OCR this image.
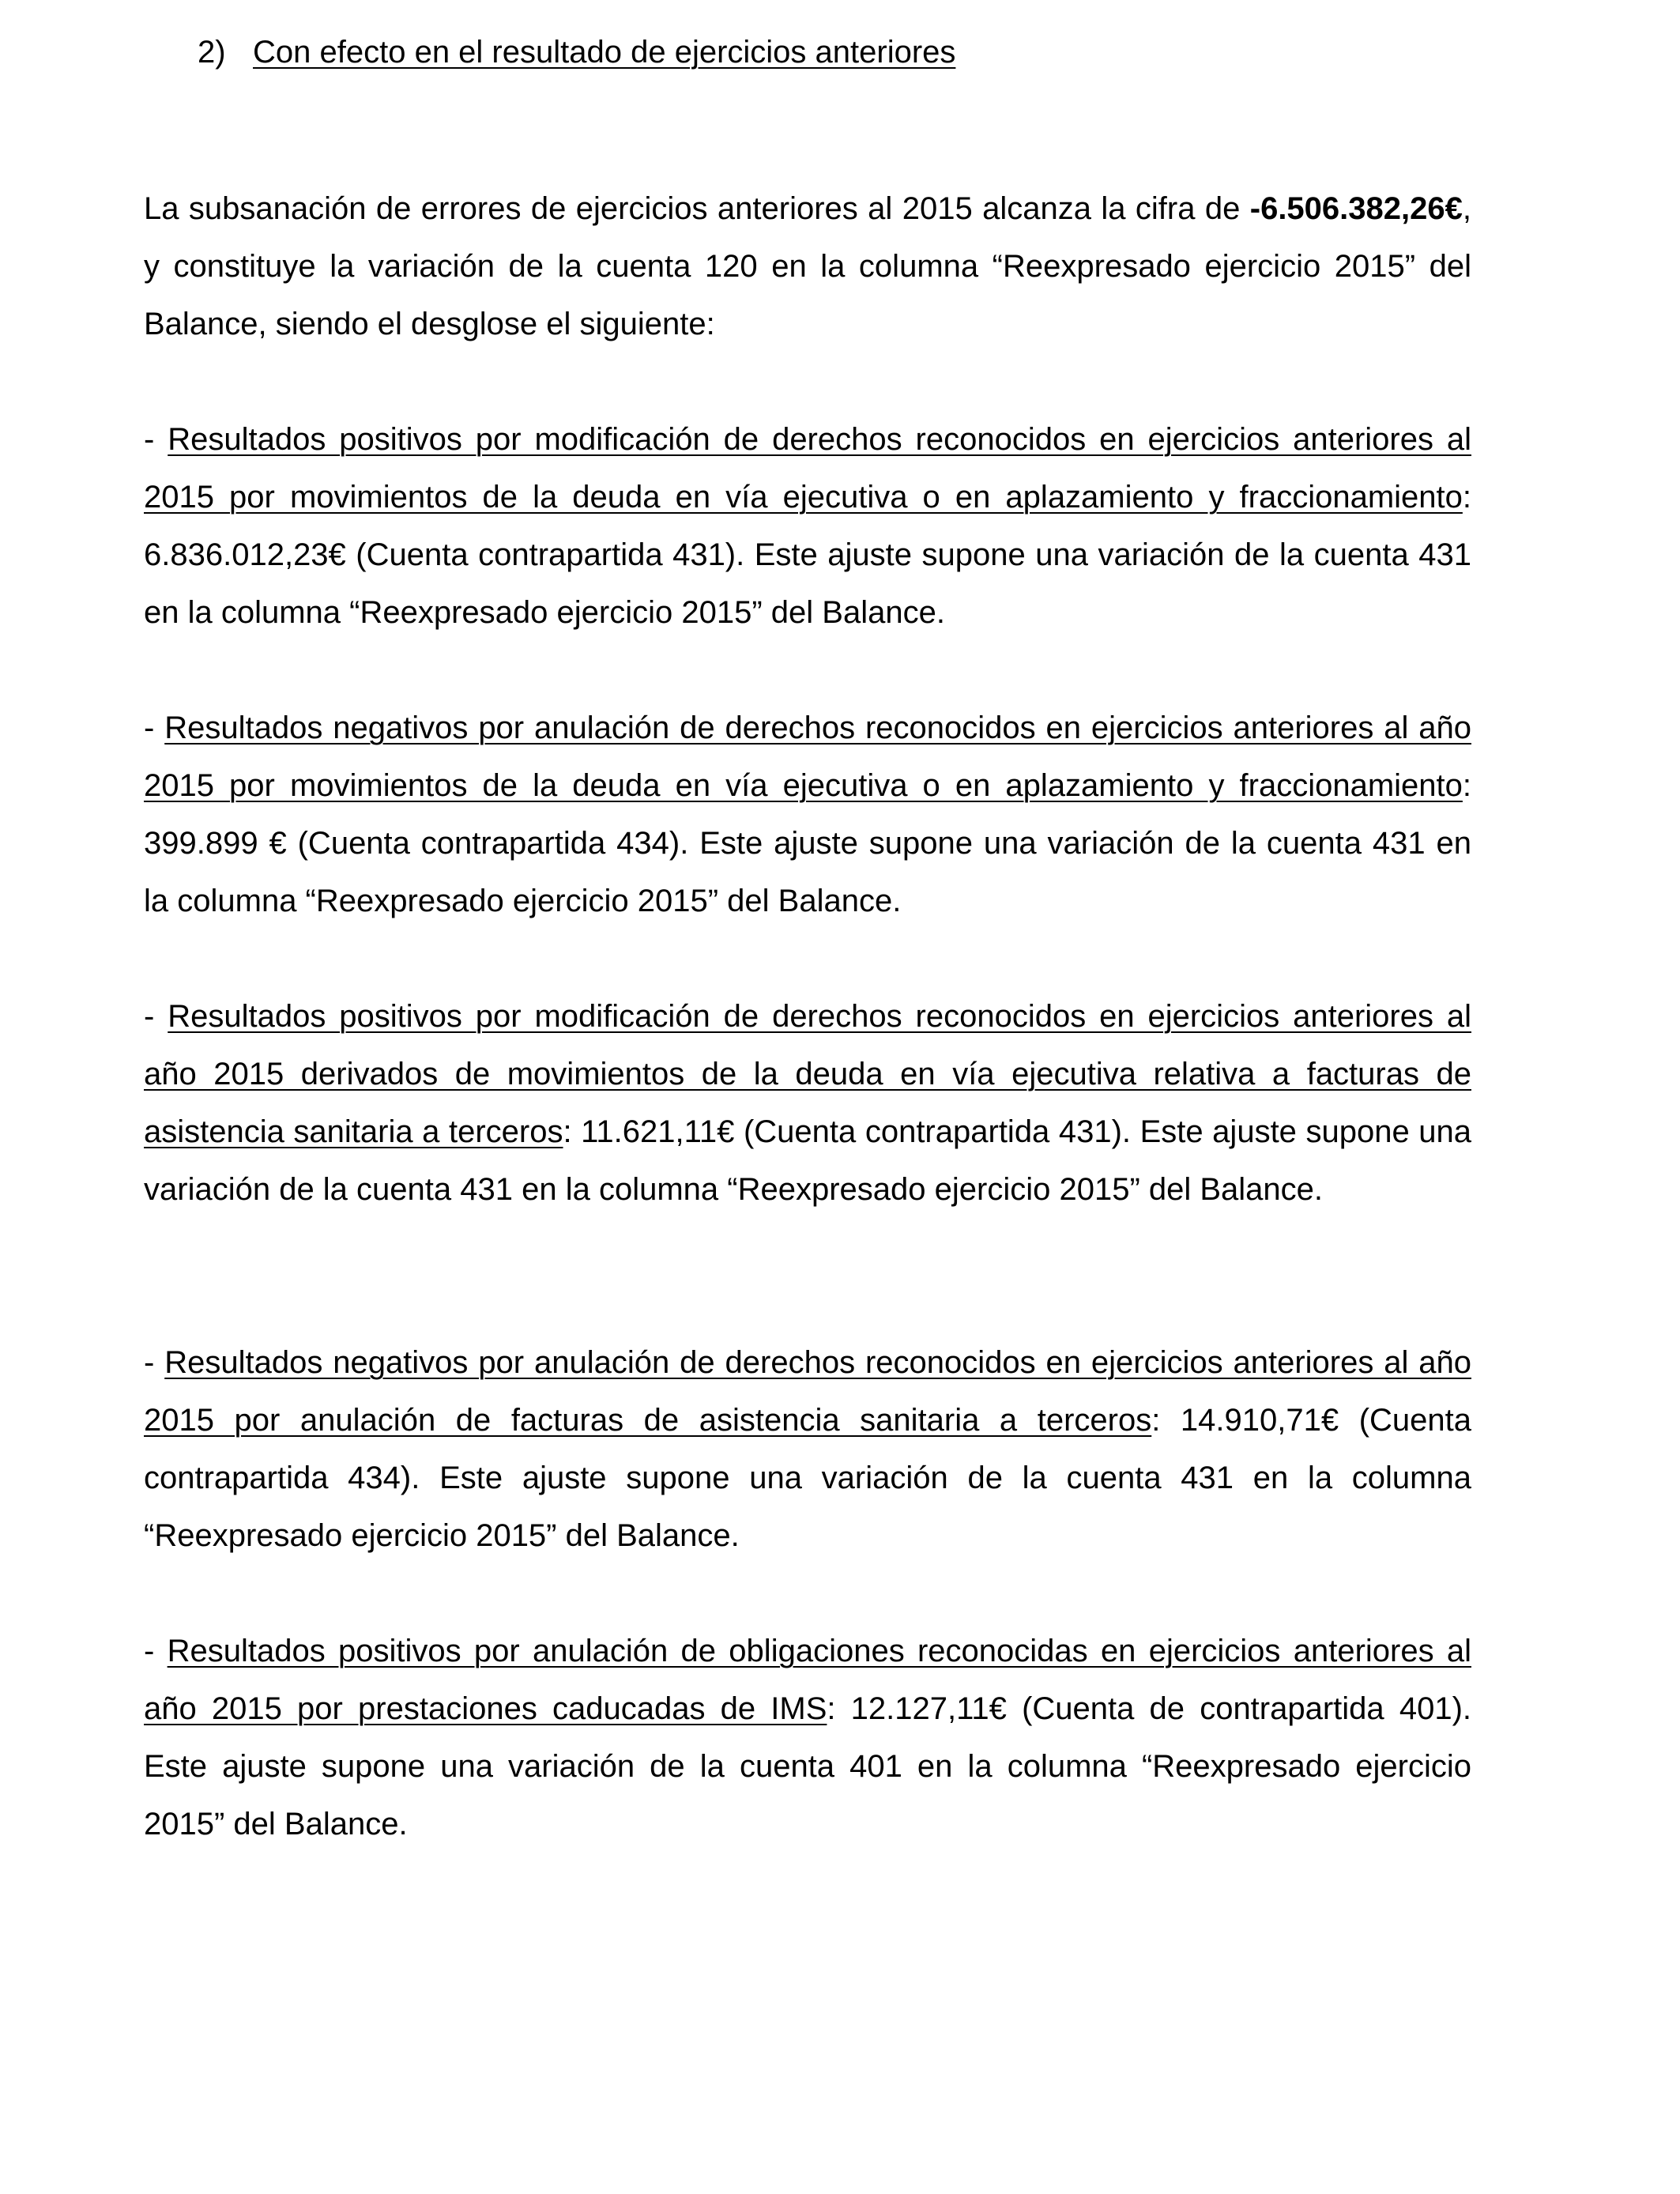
2) Con efecto en el resultado de ejercicios anteriores

La subsanación de errores de ejercicios anteriores al 2015 alcanza la cifra de -6.506.382,26€, y constituye la variación de la cuenta 120 en la columna “Reexpresado ejercicio 2015” del Balance, siendo el desglose el siguiente:

- Resultados positivos por modificación de derechos reconocidos en ejercicios anteriores al 2015 por movimientos de la deuda en vía ejecutiva o en aplazamiento y fraccionamiento: 6.836.012,23€ (Cuenta contrapartida 431). Este ajuste supone una variación de la cuenta 431 en la columna “Reexpresado ejercicio 2015” del Balance.

- Resultados negativos por anulación de derechos reconocidos en ejercicios anteriores al año 2015 por movimientos de la deuda en vía ejecutiva o en aplazamiento y fraccionamiento: 399.899 € (Cuenta contrapartida 434). Este ajuste supone una variación de la cuenta 431 en la columna “Reexpresado ejercicio 2015” del Balance.

- Resultados positivos por modificación de derechos reconocidos en ejercicios anteriores al año 2015 derivados de movimientos de la deuda en vía ejecutiva relativa a facturas de asistencia sanitaria a terceros: 11.621,11€ (Cuenta contrapartida 431). Este ajuste supone una variación de la cuenta 431 en la columna “Reexpresado ejercicio 2015” del Balance.

- Resultados negativos por anulación de derechos reconocidos en ejercicios anteriores al año 2015 por anulación de facturas de asistencia sanitaria a terceros: 14.910,71€ (Cuenta contrapartida 434). Este ajuste supone una variación de la cuenta 431 en la columna “Reexpresado ejercicio 2015” del Balance.

- Resultados positivos por anulación de obligaciones reconocidas en ejercicios anteriores al año 2015 por prestaciones caducadas de IMS: 12.127,11€ (Cuenta de contrapartida 401). Este ajuste supone una variación de la cuenta 401 en la columna “Reexpresado ejercicio 2015” del Balance.
